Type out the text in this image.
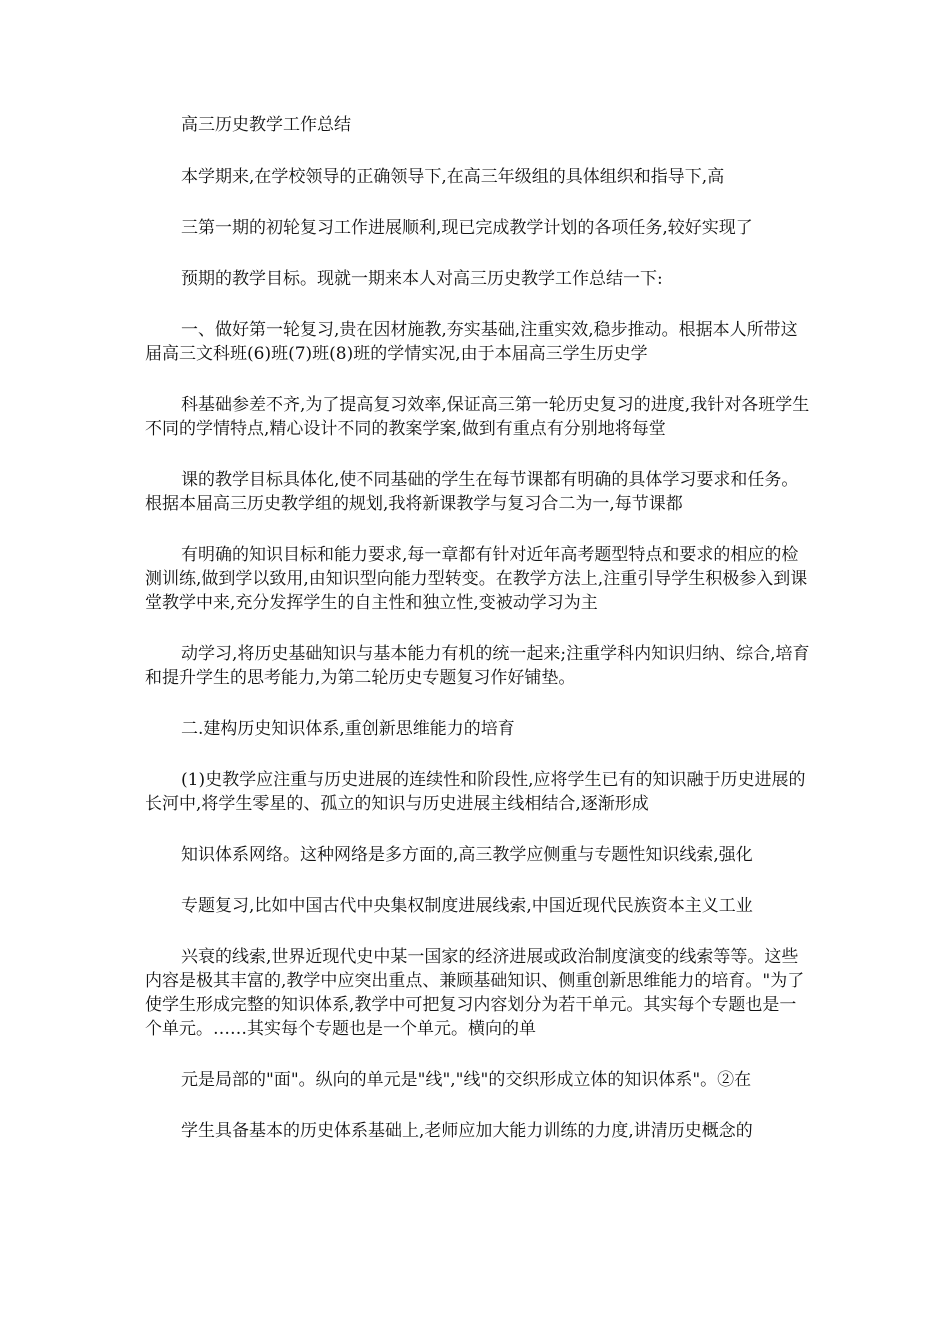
高三历史教学工作总结

本学期来,在学校领导的正确领导下,在高三年级组的具体组织和指导下,高

三第一期的初轮复习工作进展顺利,现已完成教学计划的各项任务,较好实现了

预期的教学目标。现就一期来本人对高三历史教学工作总结一下:

一、做好第一轮复习,贵在因材施教,夯实基础,注重实效,稳步推动。根据本人所带这届高三文科班(6)班(7)班(8)班的学情实况,由于本届高三学生历史学

科基础参差不齐,为了提高复习效率,保证高三第一轮历史复习的进度,我针对各班学生不同的学情特点,精心设计不同的教案学案,做到有重点有分别地将每堂

课的教学目标具体化,使不同基础的学生在每节课都有明确的具体学习要求和任务。根据本届高三历史教学组的规划,我将新课教学与复习合二为一,每节课都

有明确的知识目标和能力要求,每一章都有针对近年高考题型特点和要求的相应的检测训练,做到学以致用,由知识型向能力型转变。在教学方法上,注重引导学生积极参入到课堂教学中来,充分发挥学生的自主性和独立性,变被动学习为主

动学习,将历史基础知识与基本能力有机的统一起来;注重学科内知识归纳、综合,培育和提升学生的思考能力,为第二轮历史专题复习作好铺垫。

二.建构历史知识体系,重创新思维能力的培育

(1)史教学应注重与历史进展的连续性和阶段性,应将学生已有的知识融于历史进展的长河中,将学生零星的、孤立的知识与历史进展主线相结合,逐渐形成

知识体系网络。这种网络是多方面的,高三教学应侧重与专题性知识线索,强化

专题复习,比如中国古代中央集权制度进展线索,中国近现代民族资本主义工业

兴衰的线索,世界近现代史中某一国家的经济进展或政治制度演变的线索等等。这些内容是极其丰富的,教学中应突出重点、兼顾基础知识、侧重创新思维能力的培育。"为了使学生形成完整的知识体系,教学中可把复习内容划分为若干单元。其实每个专题也是一个单元。……其实每个专题也是一个单元。横向的单

元是局部的"面"。纵向的单元是"线","线"的交织形成立体的知识体系"。②在

学生具备基本的历史体系基础上,老师应加大能力训练的力度,讲清历史概念的
